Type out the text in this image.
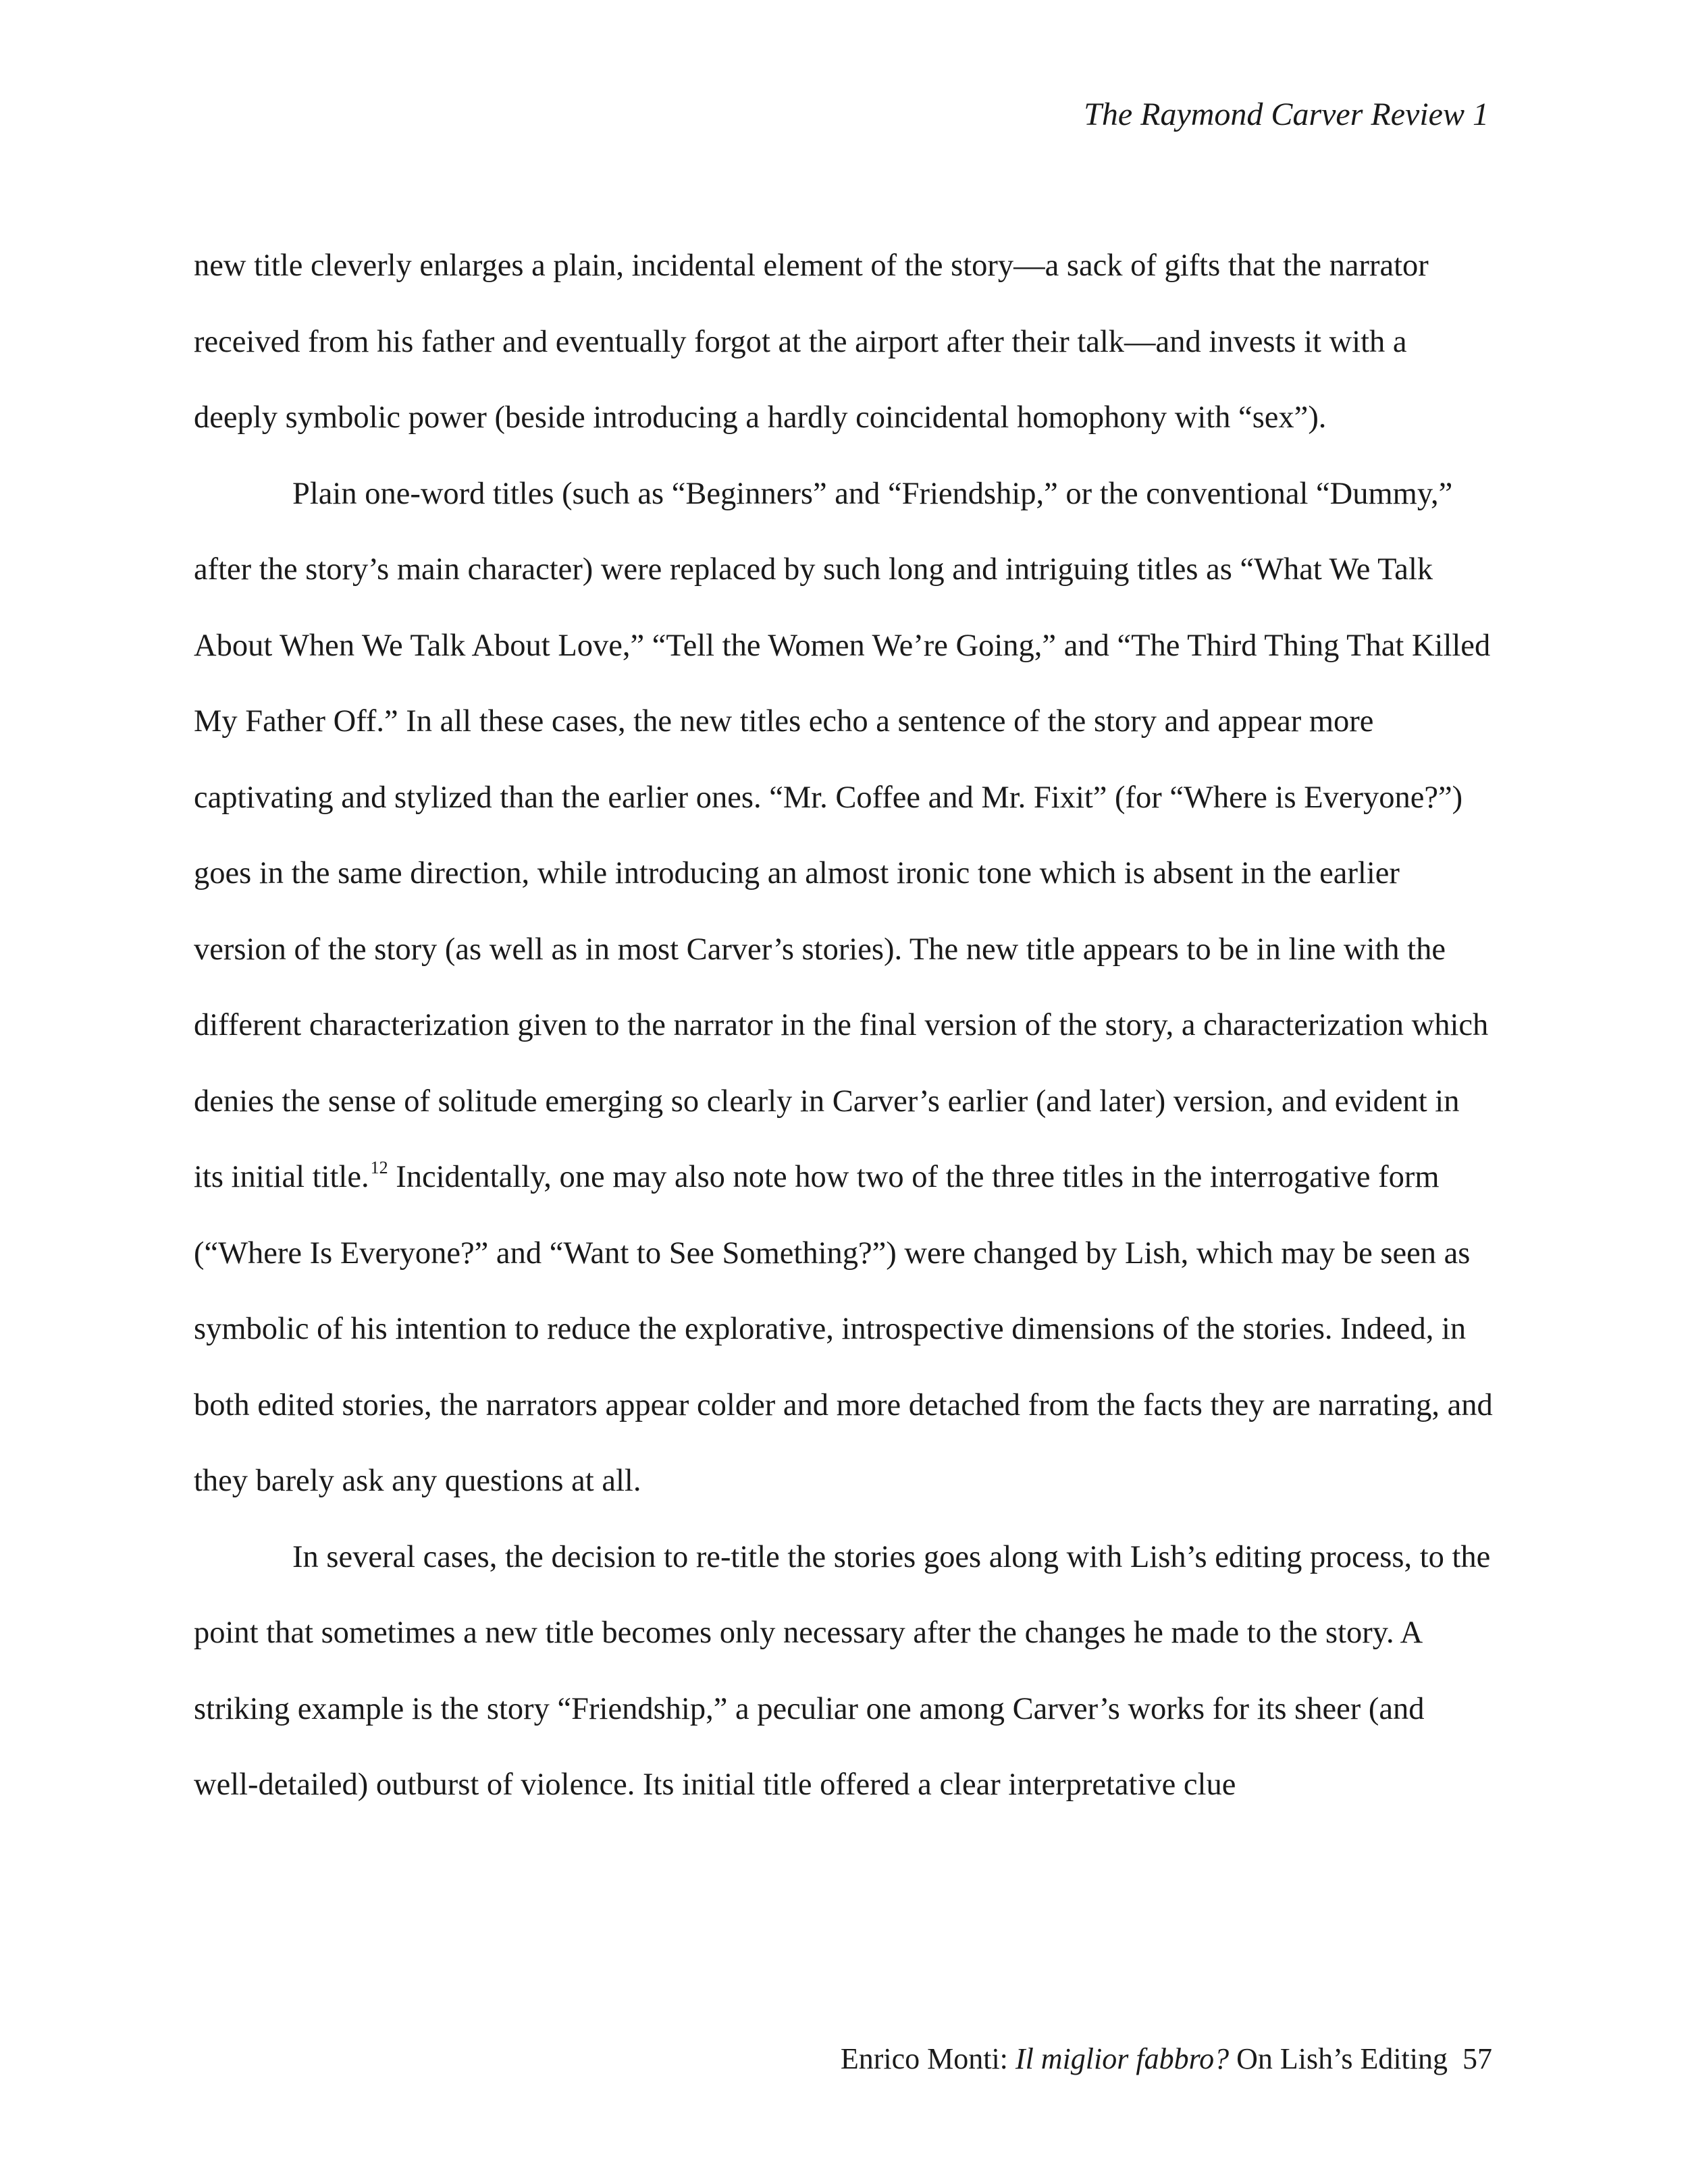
The Raymond Carver Review 1

new title cleverly enlarges a plain, incidental element of the story—a sack of gifts that the narrator received from his father and eventually forgot at the airport after their talk—and invests it with a deeply symbolic power (beside introducing a hardly coincidental homophony with “sex”).

Plain one-word titles (such as “Beginners” and “Friendship,” or the conventional “Dummy,” after the story’s main character) were replaced by such long and intriguing titles as “What We Talk About When We Talk About Love,” “Tell the Women We’re Going,” and “The Third Thing That Killed My Father Off.” In all these cases, the new titles echo a sentence of the story and appear more captivating and stylized than the earlier ones. “Mr. Coffee and Mr. Fixit” (for “Where is Everyone?”) goes in the same direction, while introducing an almost ironic tone which is absent in the earlier version of the story (as well as in most Carver’s stories). The new title appears to be in line with the different characterization given to the narrator in the final version of the story, a characterization which denies the sense of solitude emerging so clearly in Carver’s earlier (and later) version, and evident in its initial title.$^{12}$ Incidentally, one may also note how two of the three titles in the interrogative form (“Where Is Everyone?” and “Want to See Something?”) were changed by Lish, which may be seen as symbolic of his intention to reduce the explorative, introspective dimensions of the stories. Indeed, in both edited stories, the narrators appear colder and more detached from the facts they are narrating, and they barely ask any questions at all.

In several cases, the decision to re-title the stories goes along with Lish’s editing process, to the point that sometimes a new title becomes only necessary after the changes he made to the story. A striking example is the story “Friendship,” a peculiar one among Carver’s works for its sheer (and well-detailed) outburst of violence. Its initial title offered a clear interpretative clue

Enrico Monti: Il miglior fabbro? On Lish’s Editing 57
